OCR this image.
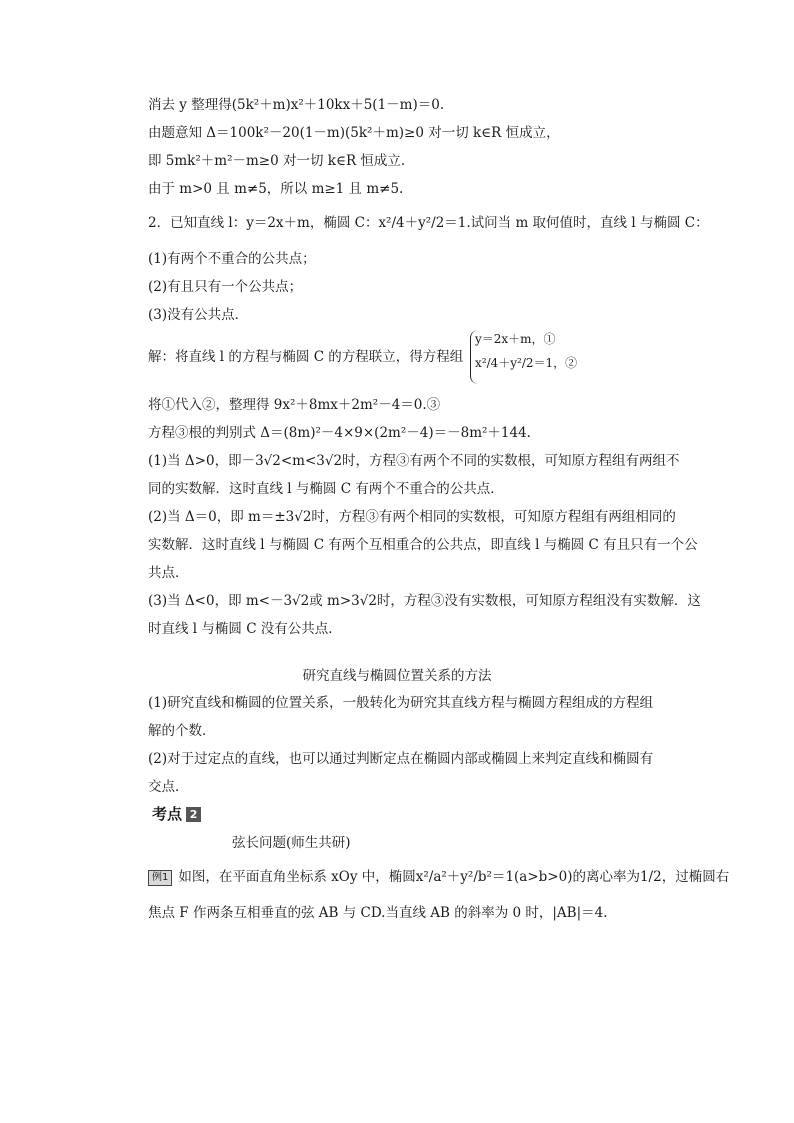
消去 y 整理得(5k²＋m)x²＋10kx＋5(1－m)＝0.
由题意知 Δ＝100k²－20(1－m)(5k²＋m)≥0 对一切 k∈R 恒成立，
即 5mk²＋m²－m≥0 对一切 k∈R 恒成立.
由于 m>0 且 m≠5，所以 m≥1 且 m≠5.
2．已知直线 l：y＝2x＋m，椭圆 C：x²/4＋y²/2＝1.试问当 m 取何值时，直线 l 与椭圆 C：
(1)有两个不重合的公共点；
(2)有且只有一个公共点；
(3)没有公共点．
解：将直线 l 的方程与椭圆 C 的方程联立，得方程组
y＝2x＋m，①
x²/4＋y²/2＝1，②
将①代入②，整理得 9x²＋8mx＋2m²－4＝0.③
方程③根的判别式 Δ＝(8m)²－4×9×(2m²－4)＝－8m²＋144.
(1)当 Δ>0，即－3√2<m<3√2时，方程③有两个不同的实数根，可知原方程组有两组不
同的实数解．这时直线 l 与椭圆 C 有两个不重合的公共点．
(2)当 Δ＝0，即 m＝±3√2时，方程③有两个相同的实数根，可知原方程组有两组相同的
实数解．这时直线 l 与椭圆 C 有两个互相重合的公共点，即直线 l 与椭圆 C 有且只有一个公
共点．
(3)当 Δ<0，即 m<－3√2或 m>3√2时，方程③没有实数根，可知原方程组没有实数解．这
时直线 l 与椭圆 C 没有公共点．
研究直线与椭圆位置关系的方法
(1)研究直线和椭圆的位置关系，一般转化为研究其直线方程与椭圆方程组成的方程组
解的个数．
(2)对于过定点的直线，也可以通过判断定点在椭圆内部或椭圆上来判定直线和椭圆有
交点．
考点 2
弦长问题(师生共研)
例1 如图，在平面直角坐标系 xOy 中，椭圆x²/a²＋y²/b²＝1(a>b>0)的离心率为1/2，过椭圆右
焦点 F 作两条互相垂直的弦 AB 与 CD.当直线 AB 的斜率为 0 时，|AB|＝4.
